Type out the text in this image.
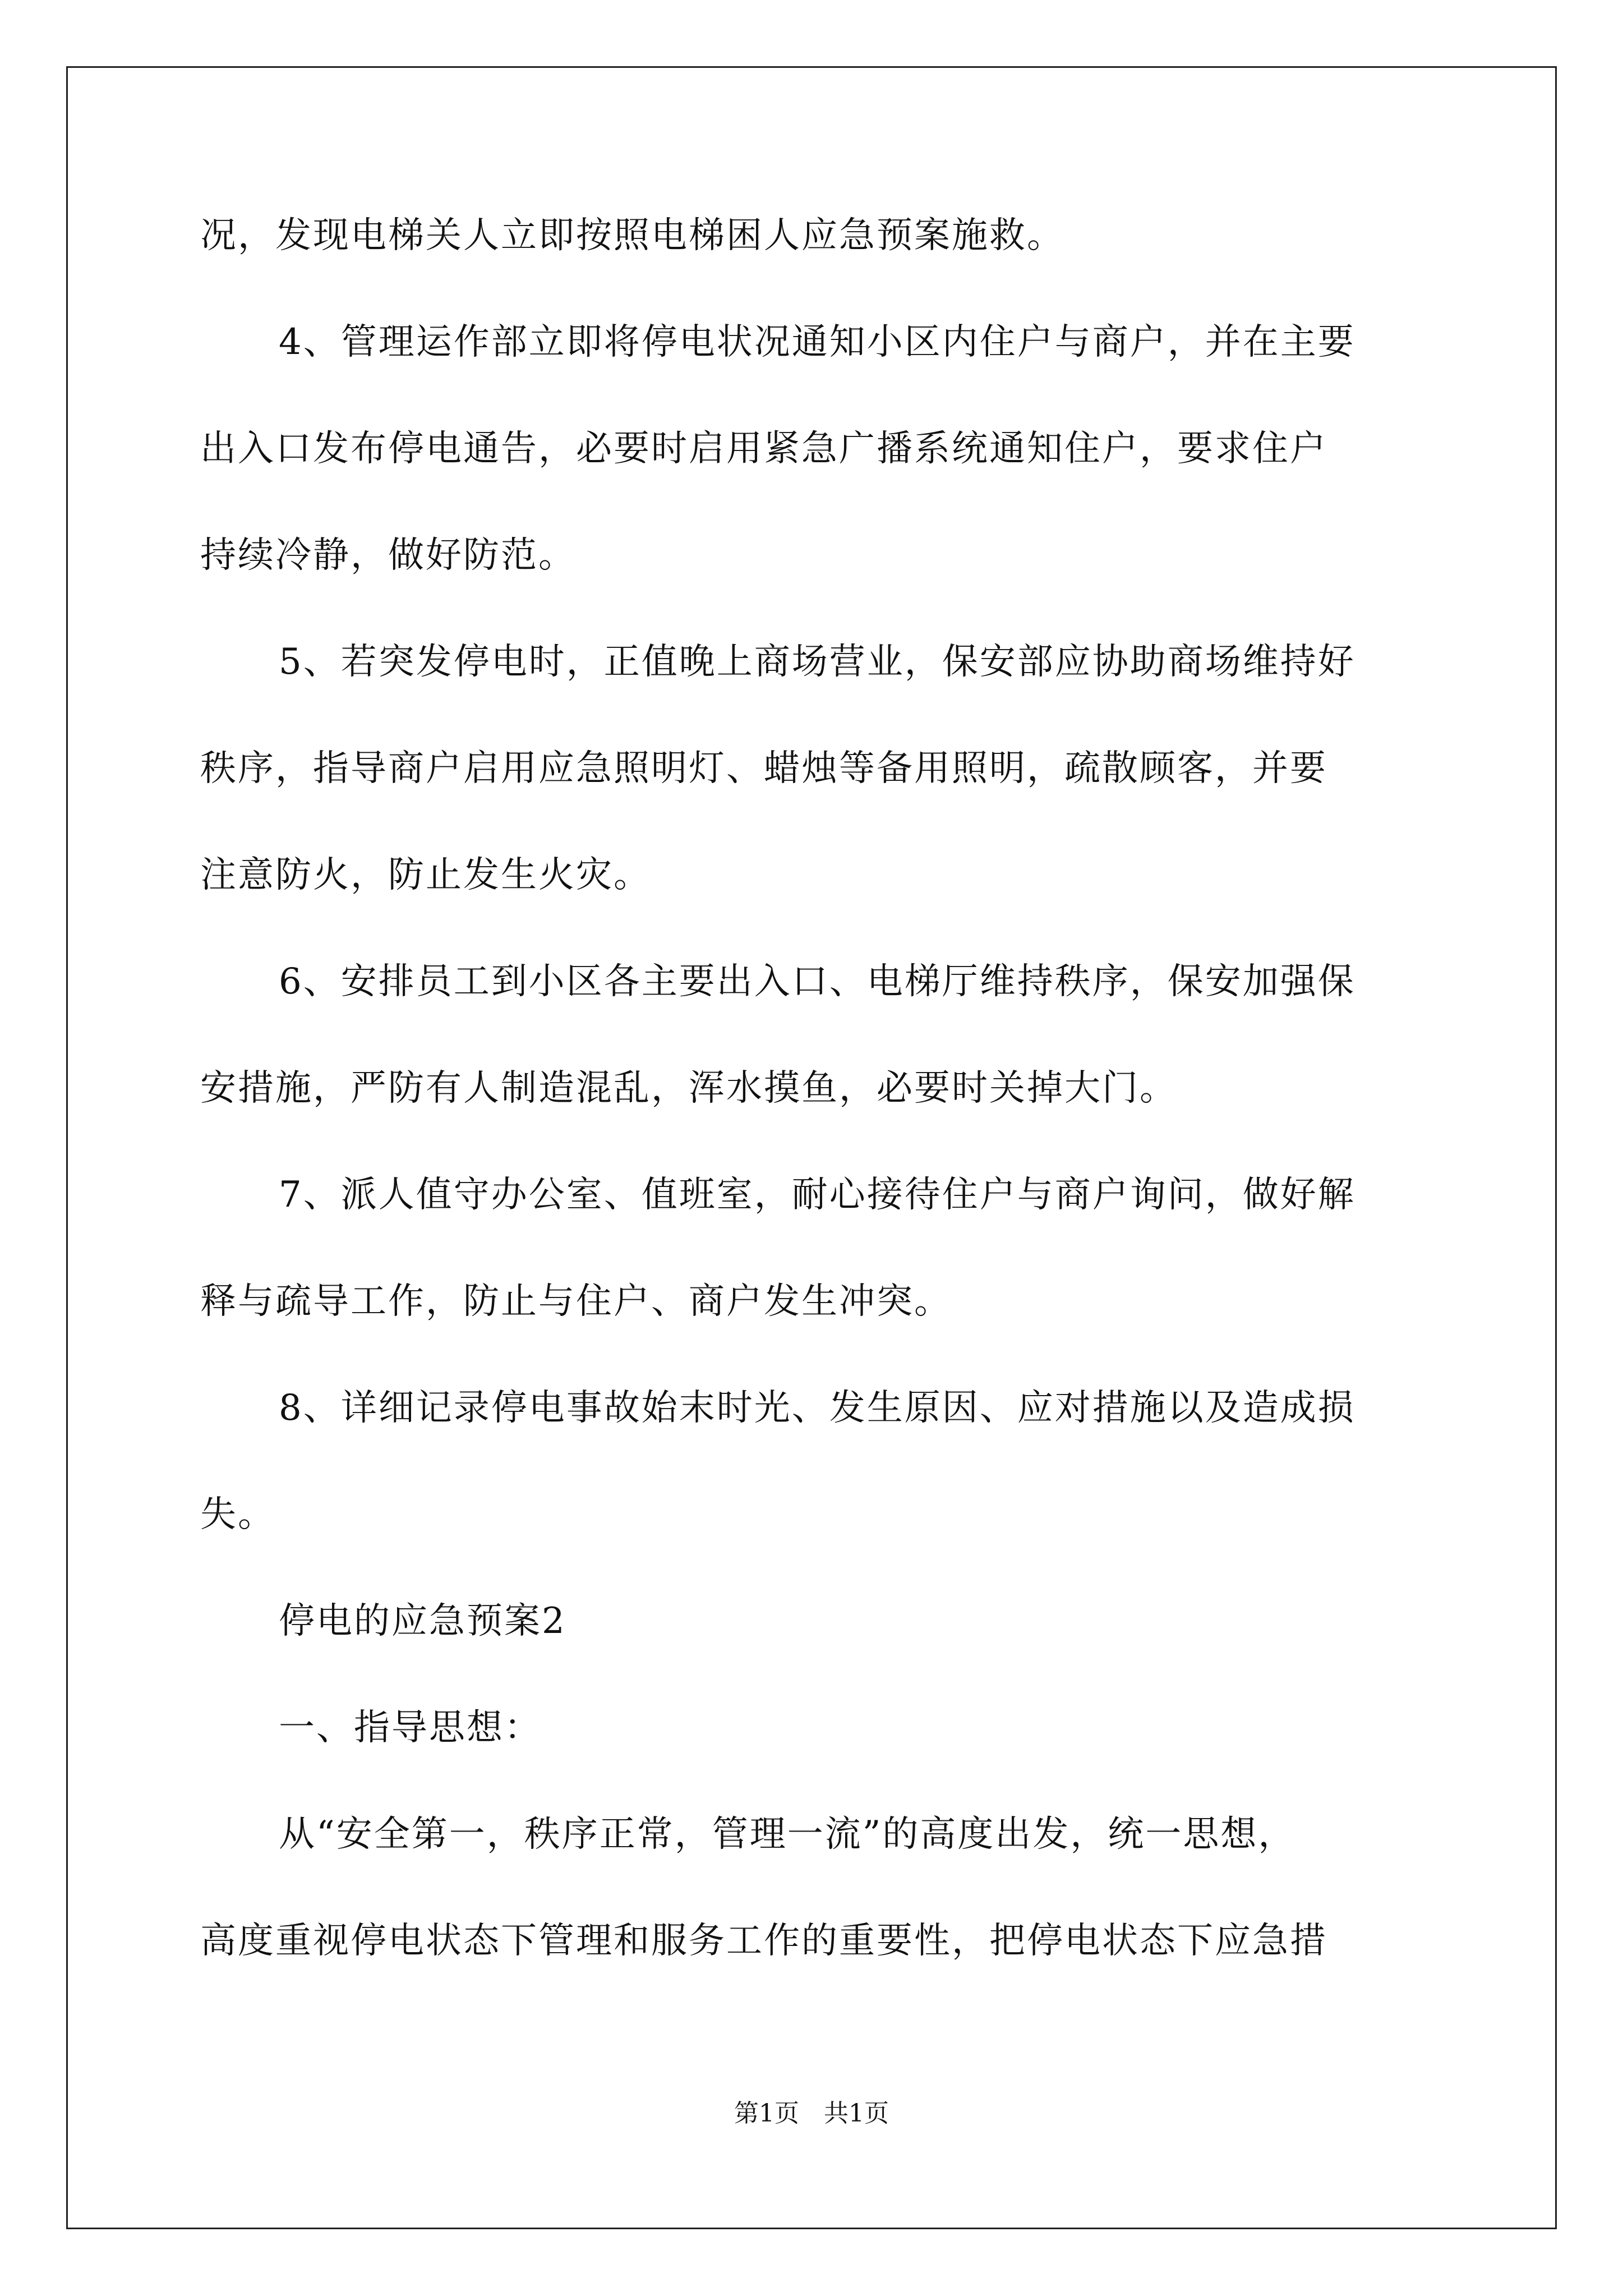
况，发现电梯关人立即按照电梯困人应急预案施救。
4、管理运作部立即将停电状况通知小区内住户与商户，并在主要
出入口发布停电通告，必要时启用紧急广播系统通知住户，要求住户
持续冷静，做好防范。
5、若突发停电时，正值晚上商场营业，保安部应协助商场维持好
秩序，指导商户启用应急照明灯、蜡烛等备用照明，疏散顾客，并要
注意防火，防止发生火灾。
6、安排员工到小区各主要出入口、电梯厅维持秩序，保安加强保
安措施，严防有人制造混乱，浑水摸鱼，必要时关掉大门。
7、派人值守办公室、值班室，耐心接待住户与商户询问，做好解
释与疏导工作，防止与住户、商户发生冲突。
8、详细记录停电事故始末时光、发生原因、应对措施以及造成损
失。
停电的应急预案2
一、指导思想：
从“安全第一，秩序正常，管理一流”的高度出发，统一思想，
高度重视停电状态下管理和服务工作的重要性，把停电状态下应急措
第1页 共1页
